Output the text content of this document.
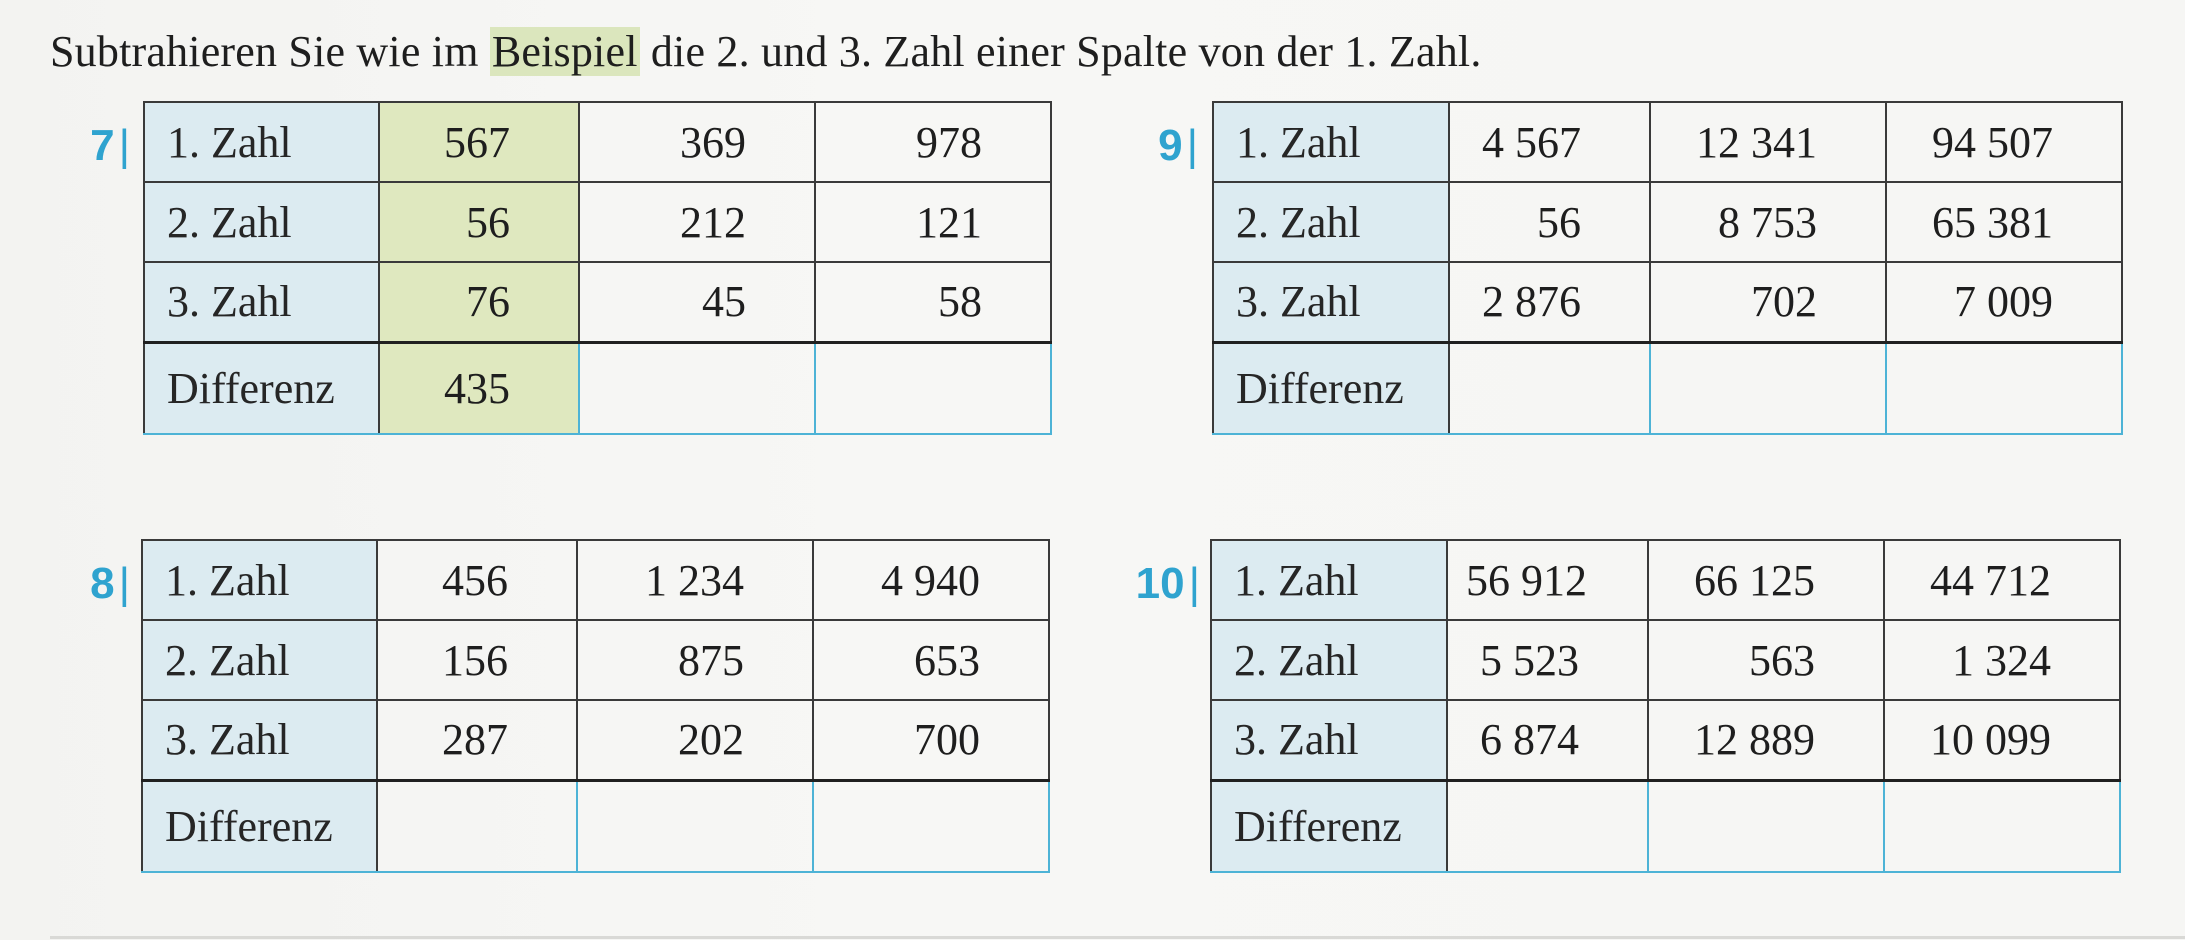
Subtrahieren Sie wie im Beispiel die 2. und 3. Zahl einer Spalte von der 1. Zahl.
7| 1. Zahl	567	369	978
2. Zahl	56	212	121
3. Zahl	76	45	58
Differenz	435		
8| 1. Zahl	456	1 234	4 940
2. Zahl	156	875	653
3. Zahl	287	202	700
Differenz			
9| 1. Zahl	4 567	12 341	94 507
2. Zahl	56	8 753	65 381
3. Zahl	2 876	702	7 009
Differenz			
10| 1. Zahl	56 912	66 125	44 712
2. Zahl	5 523	563	1 324
3. Zahl	6 874	12 889	10 099
Differenz			
